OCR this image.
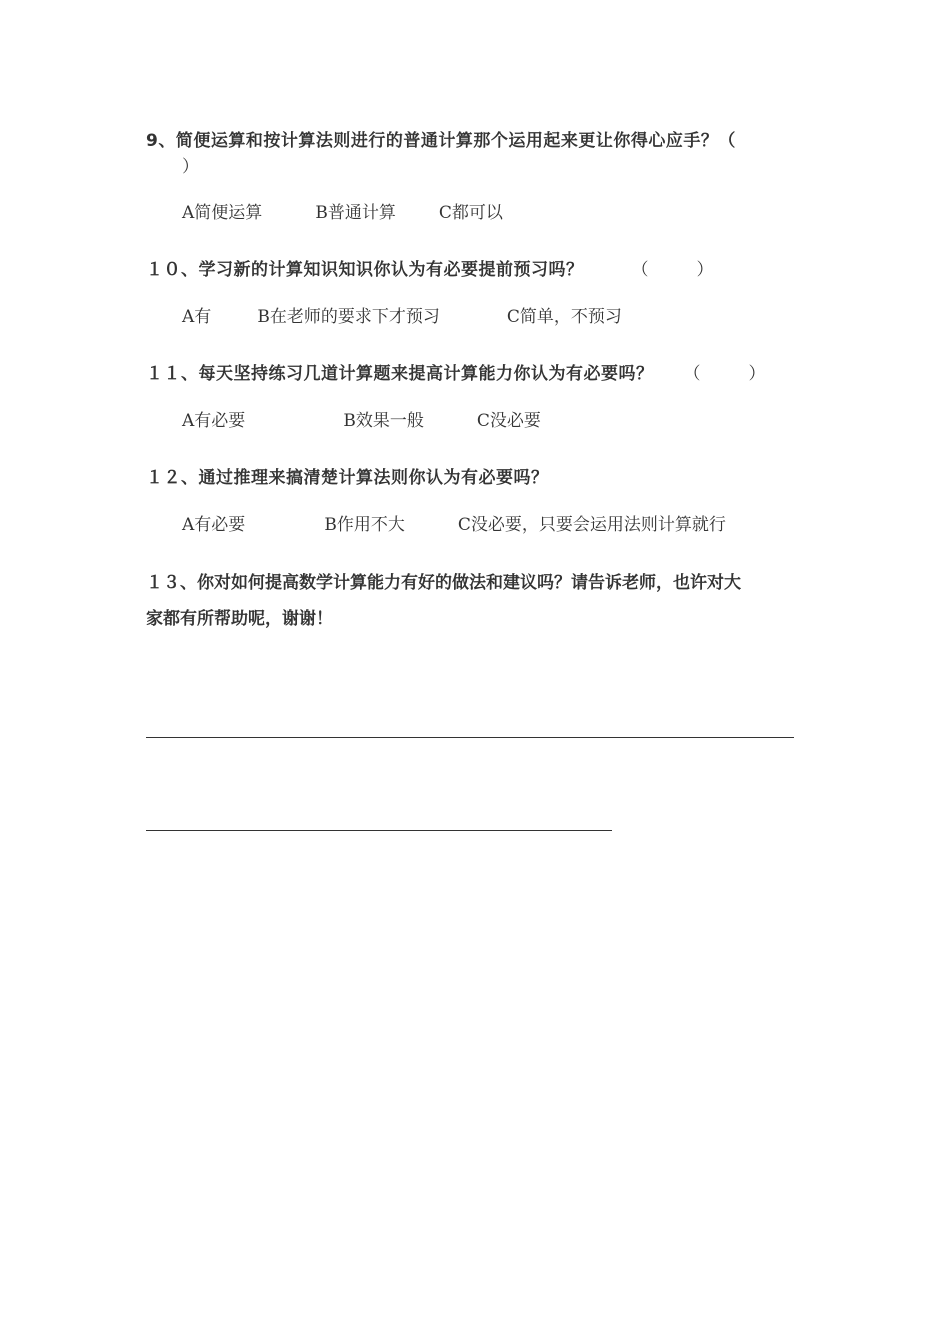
9、简便运算和按计算法则进行的普通计算那个运用起来更让你得心应手？（
）
A简便运算	B普通计算	C都可以
１０、学习新的计算知识知识你认为有必要提前预习吗？	（	）
A有	B在老师的要求下才预习	C简单，不预习
１１、每天坚持练习几道计算题来提高计算能力你认为有必要吗？ （	）
A有必要	B效果一般	C没必要
１２、通过推理来搞清楚计算法则你认为有必要吗？
A有必要	B作用不大	C没必要，只要会运用法则计算就行
１３、你对如何提高数学计算能力有好的做法和建议吗？请告诉老师，也许对大
家都有所帮助呢，谢谢！
